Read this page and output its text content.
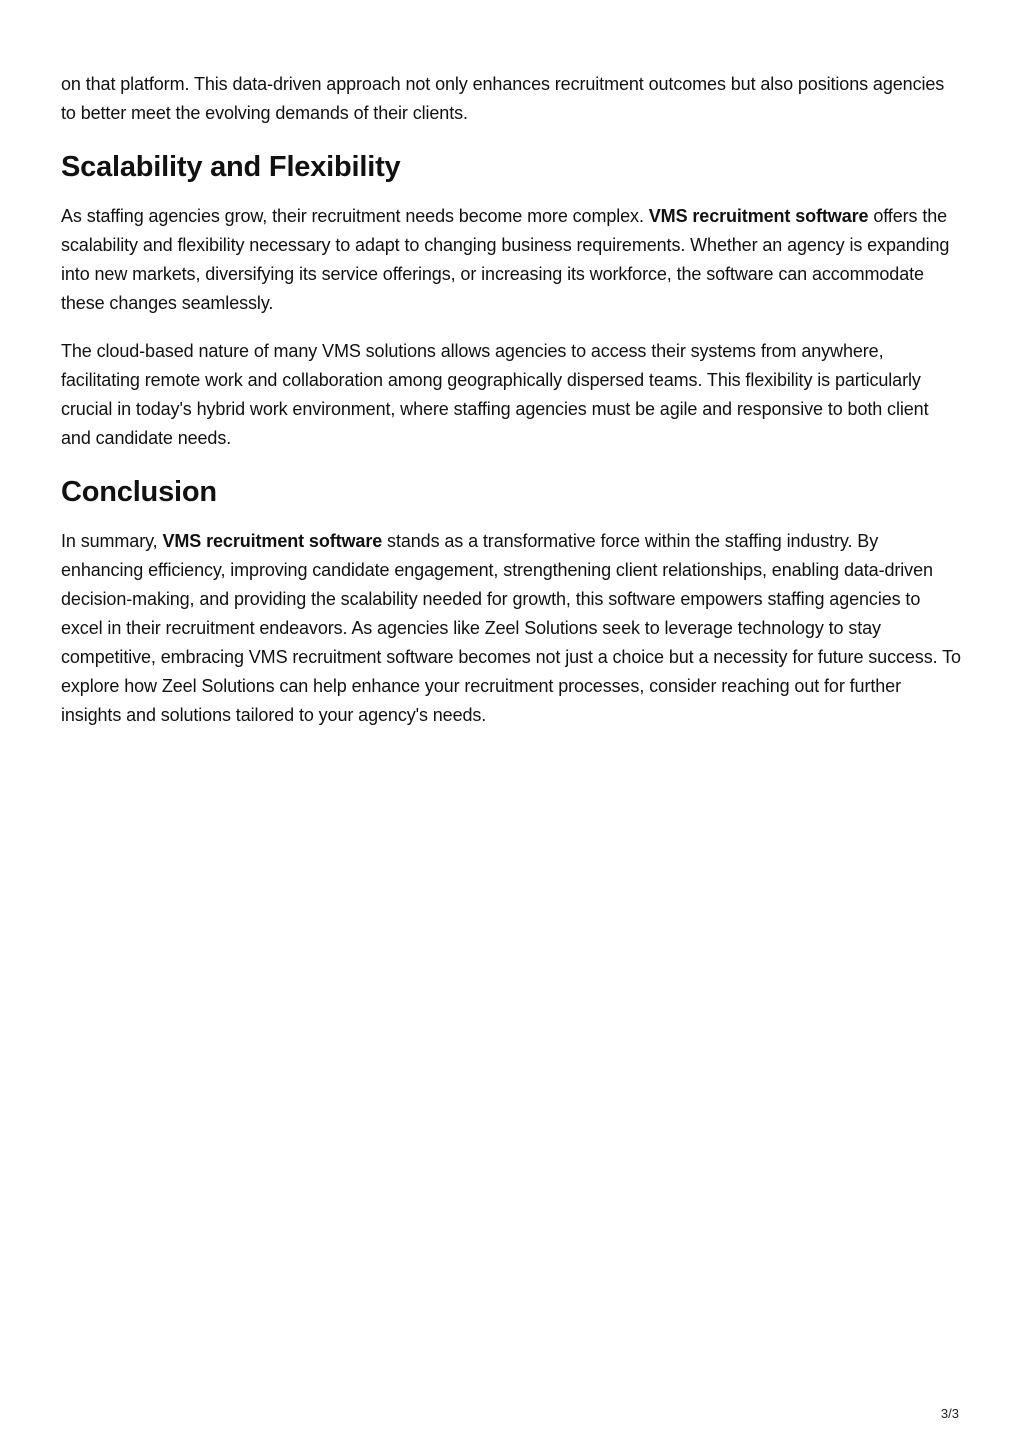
on that platform. This data-driven approach not only enhances recruitment outcomes but also positions agencies to better meet the evolving demands of their clients.

Scalability and Flexibility

As staffing agencies grow, their recruitment needs become more complex. VMS recruitment software offers the scalability and flexibility necessary to adapt to changing business requirements. Whether an agency is expanding into new markets, diversifying its service offerings, or increasing its workforce, the software can accommodate these changes seamlessly.

The cloud-based nature of many VMS solutions allows agencies to access their systems from anywhere, facilitating remote work and collaboration among geographically dispersed teams. This flexibility is particularly crucial in today's hybrid work environment, where staffing agencies must be agile and responsive to both client and candidate needs.

Conclusion

In summary, VMS recruitment software stands as a transformative force within the staffing industry. By enhancing efficiency, improving candidate engagement, strengthening client relationships, enabling data-driven decision-making, and providing the scalability needed for growth, this software empowers staffing agencies to excel in their recruitment endeavors. As agencies like Zeel Solutions seek to leverage technology to stay competitive, embracing VMS recruitment software becomes not just a choice but a necessity for future success. To explore how Zeel Solutions can help enhance your recruitment processes, consider reaching out for further insights and solutions tailored to your agency's needs.

3/3
